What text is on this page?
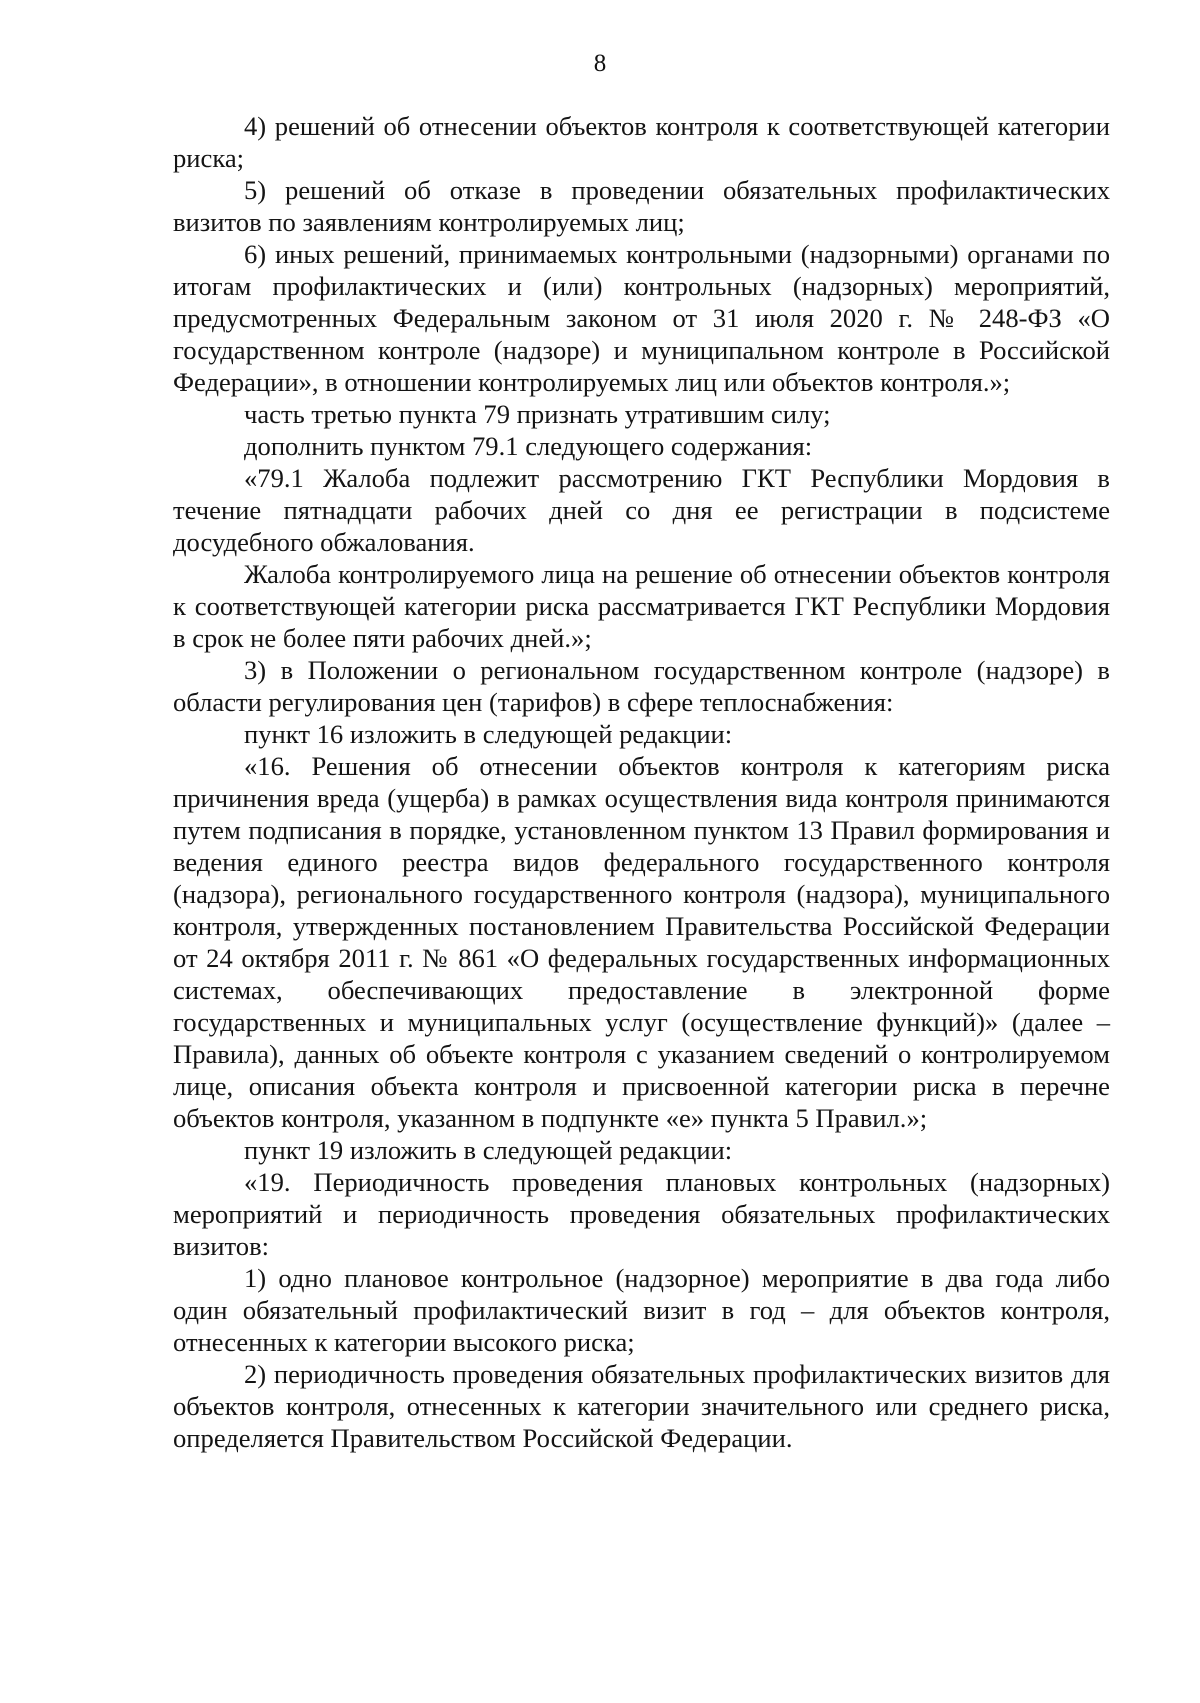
8

4) решений об отнесении объектов контроля к соответствующей категории риска;

5) решений об отказе в проведении обязательных профилактических визитов по заявлениям контролируемых лиц;

6) иных решений, принимаемых контрольными (надзорными) органами по итогам профилактических и (или) контрольных (надзорных) мероприятий, предусмотренных Федеральным законом от 31 июля 2020 г. № 248-ФЗ «О государственном контроле (надзоре) и муниципальном контроле в Российской Федерации», в отношении контролируемых лиц или объектов контроля.»;

часть третью пункта 79 признать утратившим силу;

дополнить пунктом 79.1 следующего содержания:

«79.1 Жалоба подлежит рассмотрению ГКТ Республики Мордовия в течение пятнадцати рабочих дней со дня ее регистрации в подсистеме досудебного обжалования.

Жалоба контролируемого лица на решение об отнесении объектов контроля к соответствующей категории риска рассматривается ГКТ Республики Мордовия в срок не более пяти рабочих дней.»;

3) в Положении о региональном государственном контроле (надзоре) в области регулирования цен (тарифов) в сфере теплоснабжения:

пункт 16 изложить в следующей редакции:

«16. Решения об отнесении объектов контроля к категориям риска причинения вреда (ущерба) в рамках осуществления вида контроля принимаются путем подписания в порядке, установленном пунктом 13 Правил формирования и ведения единого реестра видов федерального государственного контроля (надзора), регионального государственного контроля (надзора), муниципального контроля, утвержденных постановлением Правительства Российской Федерации от 24 октября 2011 г. № 861 «О федеральных государственных информационных системах, обеспечивающих предоставление в электронной форме государственных и муниципальных услуг (осуществление функций)» (далее – Правила), данных об объекте контроля с указанием сведений о контролируемом лице, описания объекта контроля и присвоенной категории риска в перечне объектов контроля, указанном в подпункте «е» пункта 5 Правил.»;

пункт 19 изложить в следующей редакции:

«19. Периодичность проведения плановых контрольных (надзорных) мероприятий и периодичность проведения обязательных профилактических визитов:

1) одно плановое контрольное (надзорное) мероприятие в два года либо один обязательный профилактический визит в год – для объектов контроля, отнесенных к категории высокого риска;

2) периодичность проведения обязательных профилактических визитов для объектов контроля, отнесенных к категории значительного или среднего риска, определяется Правительством Российской Федерации.
